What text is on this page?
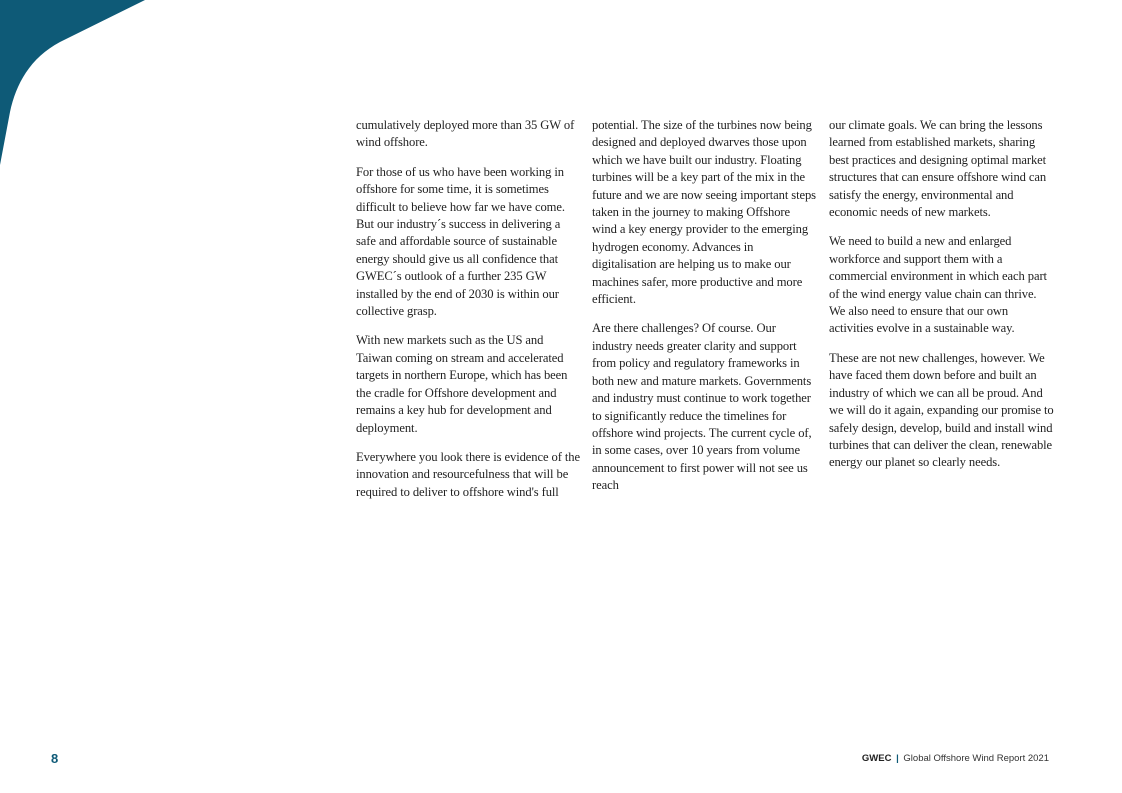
cumulatively deployed more than 35 GW of wind offshore.

For those of us who have been working in offshore for some time, it is sometimes difficult to believe how far we have come. But our industry´s success in delivering a safe and affordable source of sustainable energy should give us all confidence that GWEC´s outlook of a further 235 GW installed by the end of 2030 is within our collective grasp.

With new markets such as the US and Taiwan coming on stream and accelerated targets in northern Europe, which has been the cradle for Offshore development and remains a key hub for development and deployment.

Everywhere you look there is evidence of the innovation and resourcefulness that will be required to deliver to offshore wind's full

potential. The size of the turbines now being designed and deployed dwarves those upon which we have built our industry. Floating turbines will be a key part of the mix in the future and we are now seeing important steps taken in the journey to making Offshore wind a key energy provider to the emerging hydrogen economy. Advances in digitalisation are helping us to make our machines safer, more productive and more efficient.

Are there challenges? Of course. Our industry needs greater clarity and support from policy and regulatory frameworks in both new and mature markets. Governments and industry must continue to work together to significantly reduce the timelines for offshore wind projects. The current cycle of, in some cases, over 10 years from volume announcement to first power will not see us reach

our climate goals. We can bring the lessons learned from established markets, sharing best practices and designing optimal market structures that can ensure offshore wind can satisfy the energy, environmental and economic needs of new markets.

We need to build a new and enlarged workforce and support them with a commercial environment in which each part of the wind energy value chain can thrive. We also need to ensure that our own activities evolve in a sustainable way.

These are not new challenges, however. We have faced them down before and built an industry of which we can all be proud. And we will do it again, expanding our promise to safely design, develop, build and install wind turbines that can deliver the clean, renewable energy our planet so clearly needs.

8	GWEC | Global Offshore Wind Report 2021
